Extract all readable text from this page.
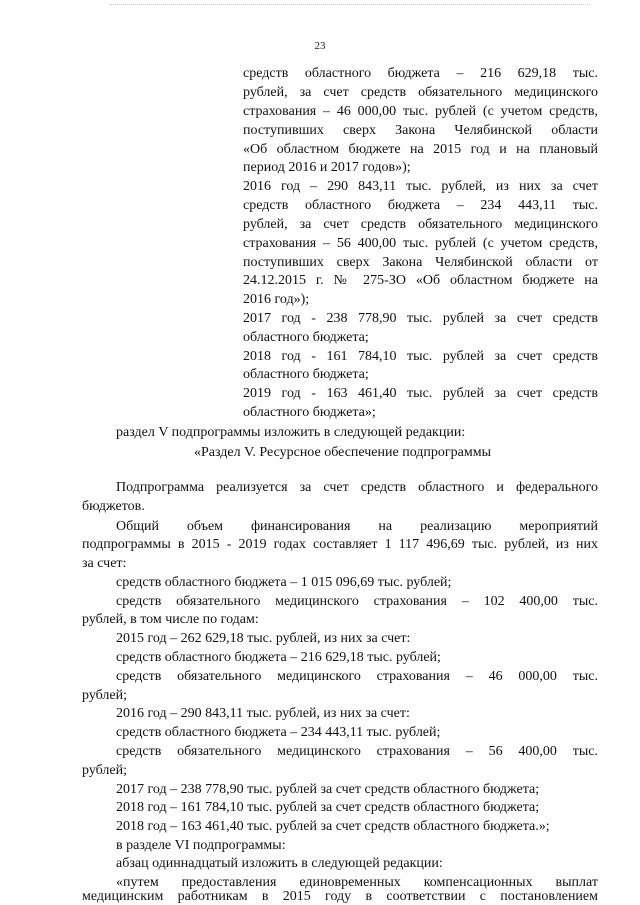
23
средств областного бюджета – 216 629,18 тыс.
рублей, за счет средств обязательного медицинского
страхования – 46 000,00 тыс. рублей (с учетом средств,
поступивших сверх Закона Челябинской области
«Об областном бюджете на 2015 год и на плановый
период 2016 и 2017 годов»);
2016 год – 290 843,11 тыс. рублей, из них за счет
средств областного бюджета – 234 443,11 тыс.
рублей, за счет средств обязательного медицинского
страхования – 56 400,00 тыс. рублей (с учетом средств,
поступивших сверх Закона Челябинской области от
24.12.2015 г. № 275-ЗО «Об областном бюджете на
2016 год»);
2017 год - 238 778,90 тыс. рублей за счет средств
областного бюджета;
2018 год - 161 784,10 тыс. рублей за счет средств
областного бюджета;
2019 год - 163 461,40 тыс. рублей за счет средств
областного бюджета»;
раздел V подпрограммы изложить в следующей редакции:
«Раздел V. Ресурсное обеспечение подпрограммы
Подпрограмма реализуется за счет средств областного и федерального
бюджетов.
Общий объем финансирования на реализацию мероприятий
подпрограммы в 2015 - 2019 годах составляет 1 117 496,69 тыс. рублей, из них
за счет:
средств областного бюджета – 1 015 096,69 тыс. рублей;
средств обязательного медицинского страхования – 102 400,00 тыс.
рублей, в том числе по годам:
2015 год – 262 629,18 тыс. рублей, из них за счет:
средств областного бюджета – 216 629,18 тыс. рублей;
средств обязательного медицинского страхования – 46 000,00 тыс.
рублей;
2016 год – 290 843,11 тыс. рублей, из них за счет:
средств областного бюджета – 234 443,11 тыс. рублей;
средств обязательного медицинского страхования – 56 400,00 тыс.
рублей;
2017 год – 238 778,90 тыс. рублей за счет средств областного бюджета;
2018 год – 161 784,10 тыс. рублей за счет средств областного бюджета;
2018 год – 163 461,40 тыс. рублей за счет средств областного бюджета.»;
в разделе VI подпрограммы:
абзац одиннадцатый изложить в следующей редакции:
«путем предоставления единовременных компенсационных выплат
медицинским работникам в 2015 году в соответствии с постановлением
